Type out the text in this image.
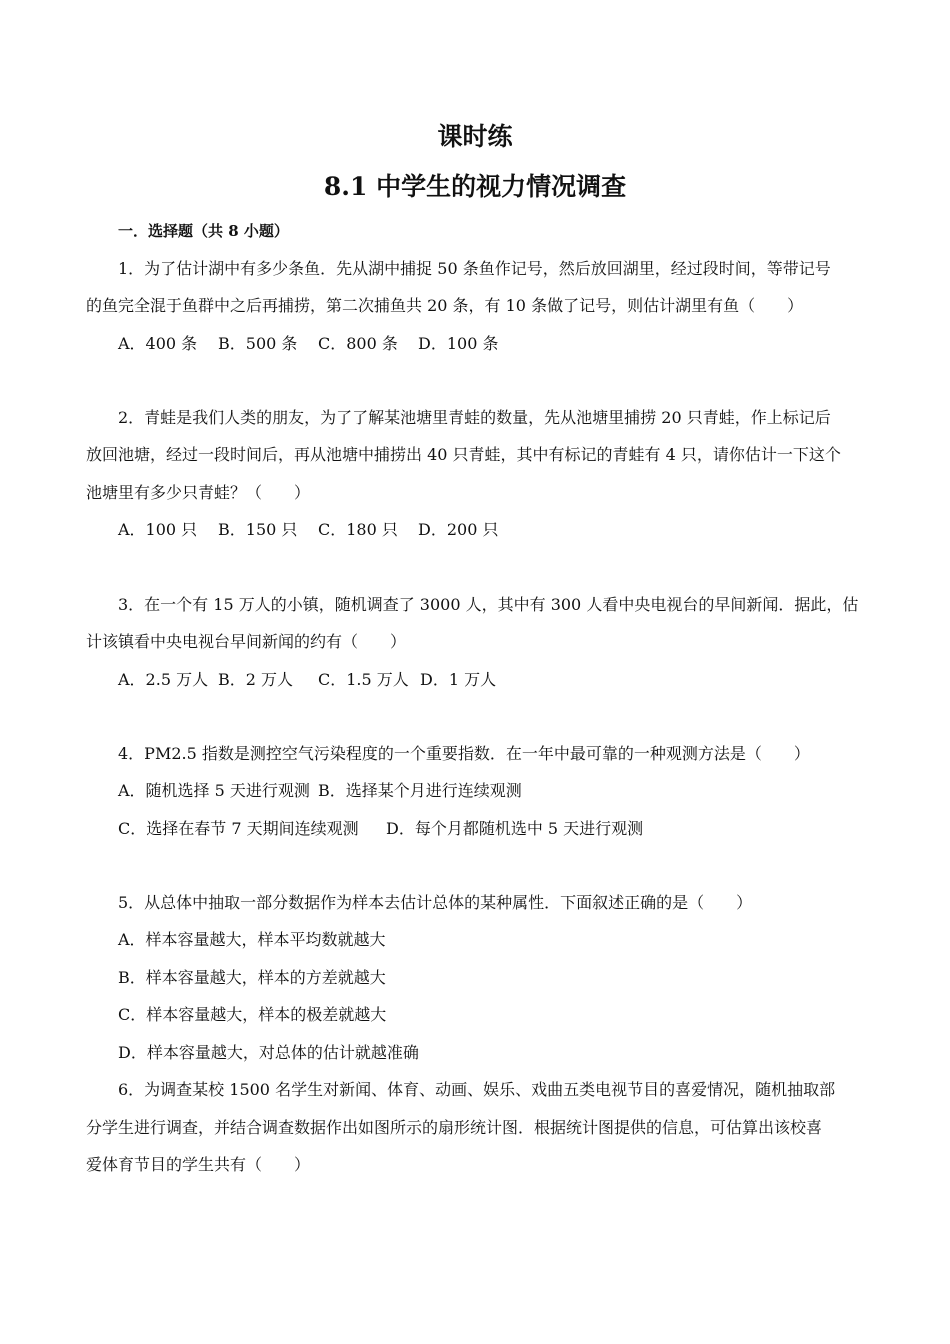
课时练
8.1 中学生的视力情况调查
一．选择题（共 8 小题）
1．为了估计湖中有多少条鱼．先从湖中捕捉 50 条鱼作记号，然后放回湖里，经过段时间，等带记号
的鱼完全混于鱼群中之后再捕捞，第二次捕鱼共 20 条，有 10 条做了记号，则估计湖里有鱼（　　）
A．400 条 B．500 条 C．800 条 D．100 条
2．青蛙是我们人类的朋友，为了了解某池塘里青蛙的数量，先从池塘里捕捞 20 只青蛙，作上标记后
放回池塘，经过一段时间后，再从池塘中捕捞出 40 只青蛙，其中有标记的青蛙有 4 只，请你估计一下这个
池塘里有多少只青蛙？（　　）
A．100 只 B．150 只 C．180 只 D．200 只
3．在一个有 15 万人的小镇，随机调查了 3000 人，其中有 300 人看中央电视台的早间新闻．据此，估
计该镇看中央电视台早间新闻的约有（　　）
A．2.5 万人 B．2 万人 C．1.5 万人 D．1 万人
4．PM2.5 指数是测控空气污染程度的一个重要指数．在一年中最可靠的一种观测方法是（　　）
A．随机选择 5 天进行观测 B．选择某个月进行连续观测
C．选择在春节 7 天期间连续观测 D．每个月都随机选中 5 天进行观测
5．从总体中抽取一部分数据作为样本去估计总体的某种属性．下面叙述正确的是（　　）
A．样本容量越大，样本平均数就越大
B．样本容量越大，样本的方差就越大
C．样本容量越大，样本的极差就越大
D．样本容量越大，对总体的估计就越准确
6．为调查某校 1500 名学生对新闻、体育、动画、娱乐、戏曲五类电视节目的喜爱情况，随机抽取部
分学生进行调查，并结合调查数据作出如图所示的扇形统计图．根据统计图提供的信息，可估算出该校喜
爱体育节目的学生共有（　　）
